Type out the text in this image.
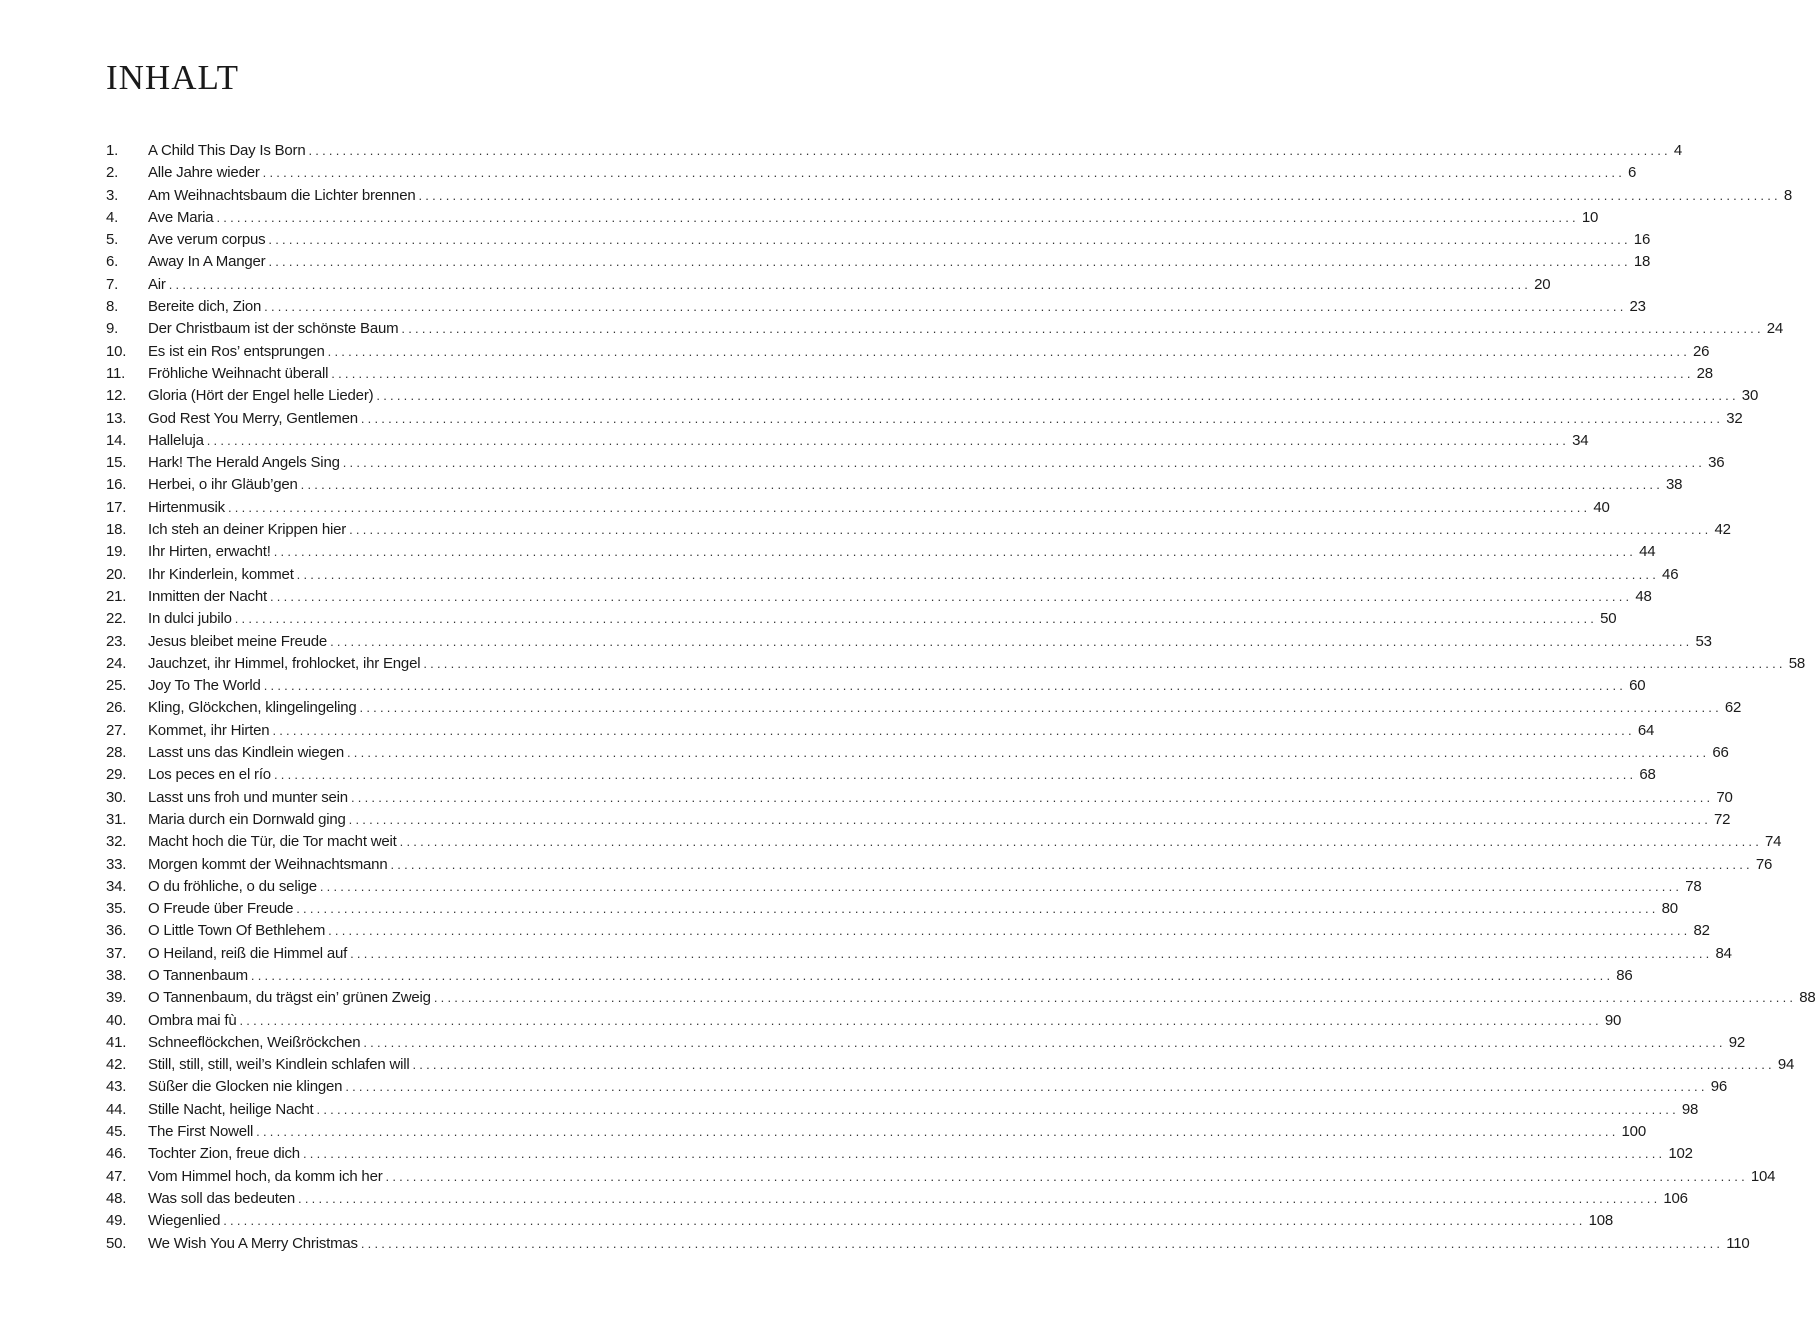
INHALT
1.	A Child This Day Is Born ........................................................................................................................................................................................................ 4
2.	Alle Jahre wieder ........................................................................................................................................................................................................ 6
3.	Am Weihnachtsbaum die Lichter brennen ........................................................................................................................................................................................................ 8
4.	Ave Maria ........................................................................................................................................................................................................ 10
5.	Ave verum corpus ........................................................................................................................................................................................................ 16
6.	Away In A Manger ........................................................................................................................................................................................................ 18
7.	Air ........................................................................................................................................................................................................ 20
8.	Bereite dich, Zion ........................................................................................................................................................................................................ 23
9.	Der Christbaum ist der schönste Baum ........................................................................................................................................................................................................ 24
10.	Es ist ein Ros’ entsprungen ........................................................................................................................................................................................................ 26
11.	Fröhliche Weihnacht überall ........................................................................................................................................................................................................ 28
12.	Gloria (Hört der Engel helle Lieder) ........................................................................................................................................................................................................ 30
13.	God Rest You Merry, Gentlemen ........................................................................................................................................................................................................ 32
14.	Halleluja ........................................................................................................................................................................................................ 34
15.	Hark! The Herald Angels Sing ........................................................................................................................................................................................................ 36
16.	Herbei, o ihr Gläub’gen ........................................................................................................................................................................................................ 38
17.	Hirtenmusik ........................................................................................................................................................................................................ 40
18.	Ich steh an deiner Krippen hier ........................................................................................................................................................................................................ 42
19.	Ihr Hirten, erwacht! ........................................................................................................................................................................................................ 44
20.	Ihr Kinderlein, kommet ........................................................................................................................................................................................................ 46
21.	Inmitten der Nacht ........................................................................................................................................................................................................ 48
22.	In dulci jubilo ........................................................................................................................................................................................................ 50
23.	Jesus bleibet meine Freude ........................................................................................................................................................................................................ 53
24.	Jauchzet, ihr Himmel, frohlocket, ihr Engel ........................................................................................................................................................................................................ 58
25.	Joy To The World ........................................................................................................................................................................................................ 60
26.	Kling, Glöckchen, klingelingeling ........................................................................................................................................................................................................ 62
27.	Kommet, ihr Hirten ........................................................................................................................................................................................................ 64
28.	Lasst uns das Kindlein wiegen ........................................................................................................................................................................................................ 66
29.	Los peces en el río ........................................................................................................................................................................................................ 68
30.	Lasst uns froh und munter sein ........................................................................................................................................................................................................ 70
31.	Maria durch ein Dornwald ging ........................................................................................................................................................................................................ 72
32.	Macht hoch die Tür, die Tor macht weit ........................................................................................................................................................................................................ 74
33.	Morgen kommt der Weihnachtsmann ........................................................................................................................................................................................................ 76
34.	O du fröhliche, o du selige ........................................................................................................................................................................................................ 78
35.	O Freude über Freude ........................................................................................................................................................................................................ 80
36.	O Little Town Of Bethlehem ........................................................................................................................................................................................................ 82
37.	O Heiland, reiß die Himmel auf ........................................................................................................................................................................................................ 84
38.	O Tannenbaum ........................................................................................................................................................................................................ 86
39.	O Tannenbaum, du trägst ein’ grünen Zweig ........................................................................................................................................................................................................ 88
40.	Ombra mai fù ........................................................................................................................................................................................................ 90
41.	Schneeflöckchen, Weißröckchen ........................................................................................................................................................................................................ 92
42.	Still, still, still, weil’s Kindlein schlafen will ........................................................................................................................................................................................................ 94
43.	Süßer die Glocken nie klingen ........................................................................................................................................................................................................ 96
44.	Stille Nacht, heilige Nacht ........................................................................................................................................................................................................ 98
45.	The First Nowell ........................................................................................................................................................................................................ 100
46.	Tochter Zion, freue dich ........................................................................................................................................................................................................ 102
47.	Vom Himmel hoch, da komm ich her ........................................................................................................................................................................................................ 104
48.	Was soll das bedeuten ........................................................................................................................................................................................................ 106
49.	Wiegenlied ........................................................................................................................................................................................................ 108
50.	We Wish You A Merry Christmas ........................................................................................................................................................................................................ 110
